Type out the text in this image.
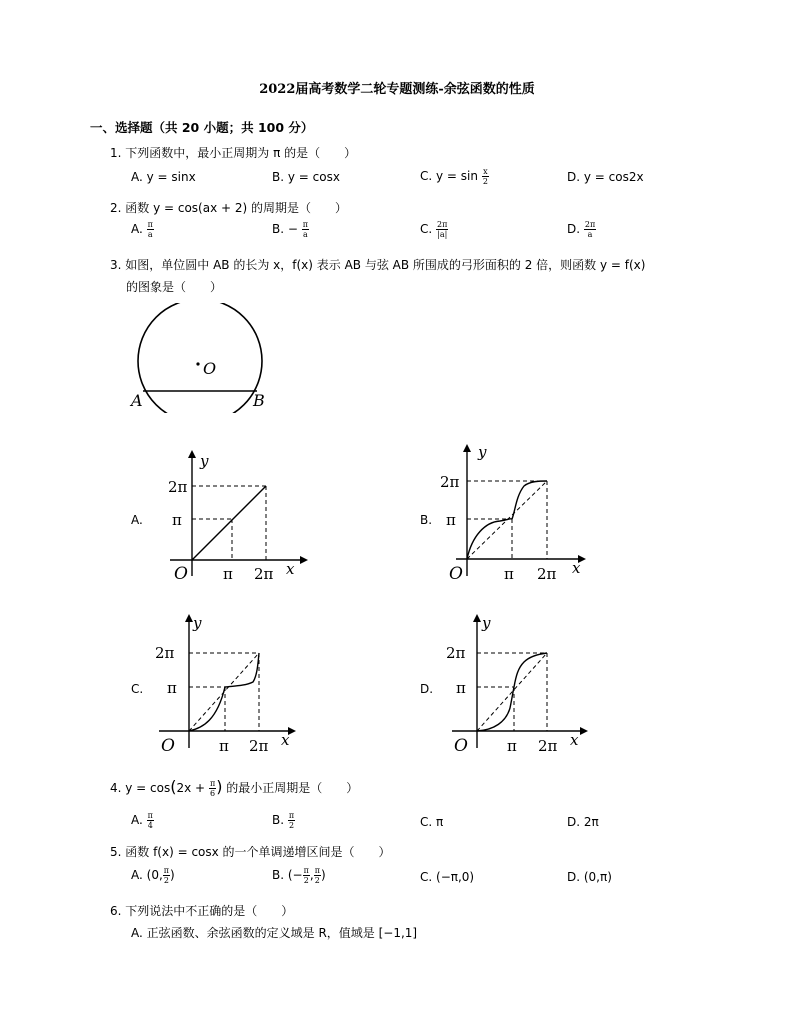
2022届高考数学二轮专题测练-余弦函数的性质
一、选择题（共 20 小题；共 100 分）
1. 下列函数中，最小正周期为 π 的是（　　）
A. y = sinx	B. y = cosx	C. $y = \sin \frac{x}{2}$	D. y = cos2x
2. 函数 y = cos(ax + 2) 的周期是（　　）
A. $\frac{\pi}{a}$	B. − $\frac{\pi}{a}$	C. $\frac{2\pi}{|a|}$	D. $\frac{2\pi}{a}$
3. 如图，单位圆中 AB 的长为 x，f(x) 表示 AB 与弦 AB 所围成的弓形面积的 2 倍，则函数 y = f(x)
的图象是（　　）
O
A	B
A.
y
2π
π
O π 2π x
B.
y
2π
π
O	π 2π x
C.
y
2π
π
O	π 2π x
D.
y
2π
π
O	π 2π x
4. $y = \cos(2x + \frac{\pi}{6}$ ) 的最小正周期是（　　）
A. $\frac{\pi}{4}$	B. $\frac{\pi}{2}$	C. π	D. 2π
5. 函数 f(x) = cosx 的一个单调递增区间是（　　）
A. (0, $\frac{\pi}{2}$ )	B. (− $\frac{\pi}{2}$ , $\frac{\pi}{2}$ )	C. (−π,0)	D. (0,π)
6. 下列说法中不正确的是（　　）
A. 正弦函数、余弦函数的定义域是 R，值域是 [−1,1]
